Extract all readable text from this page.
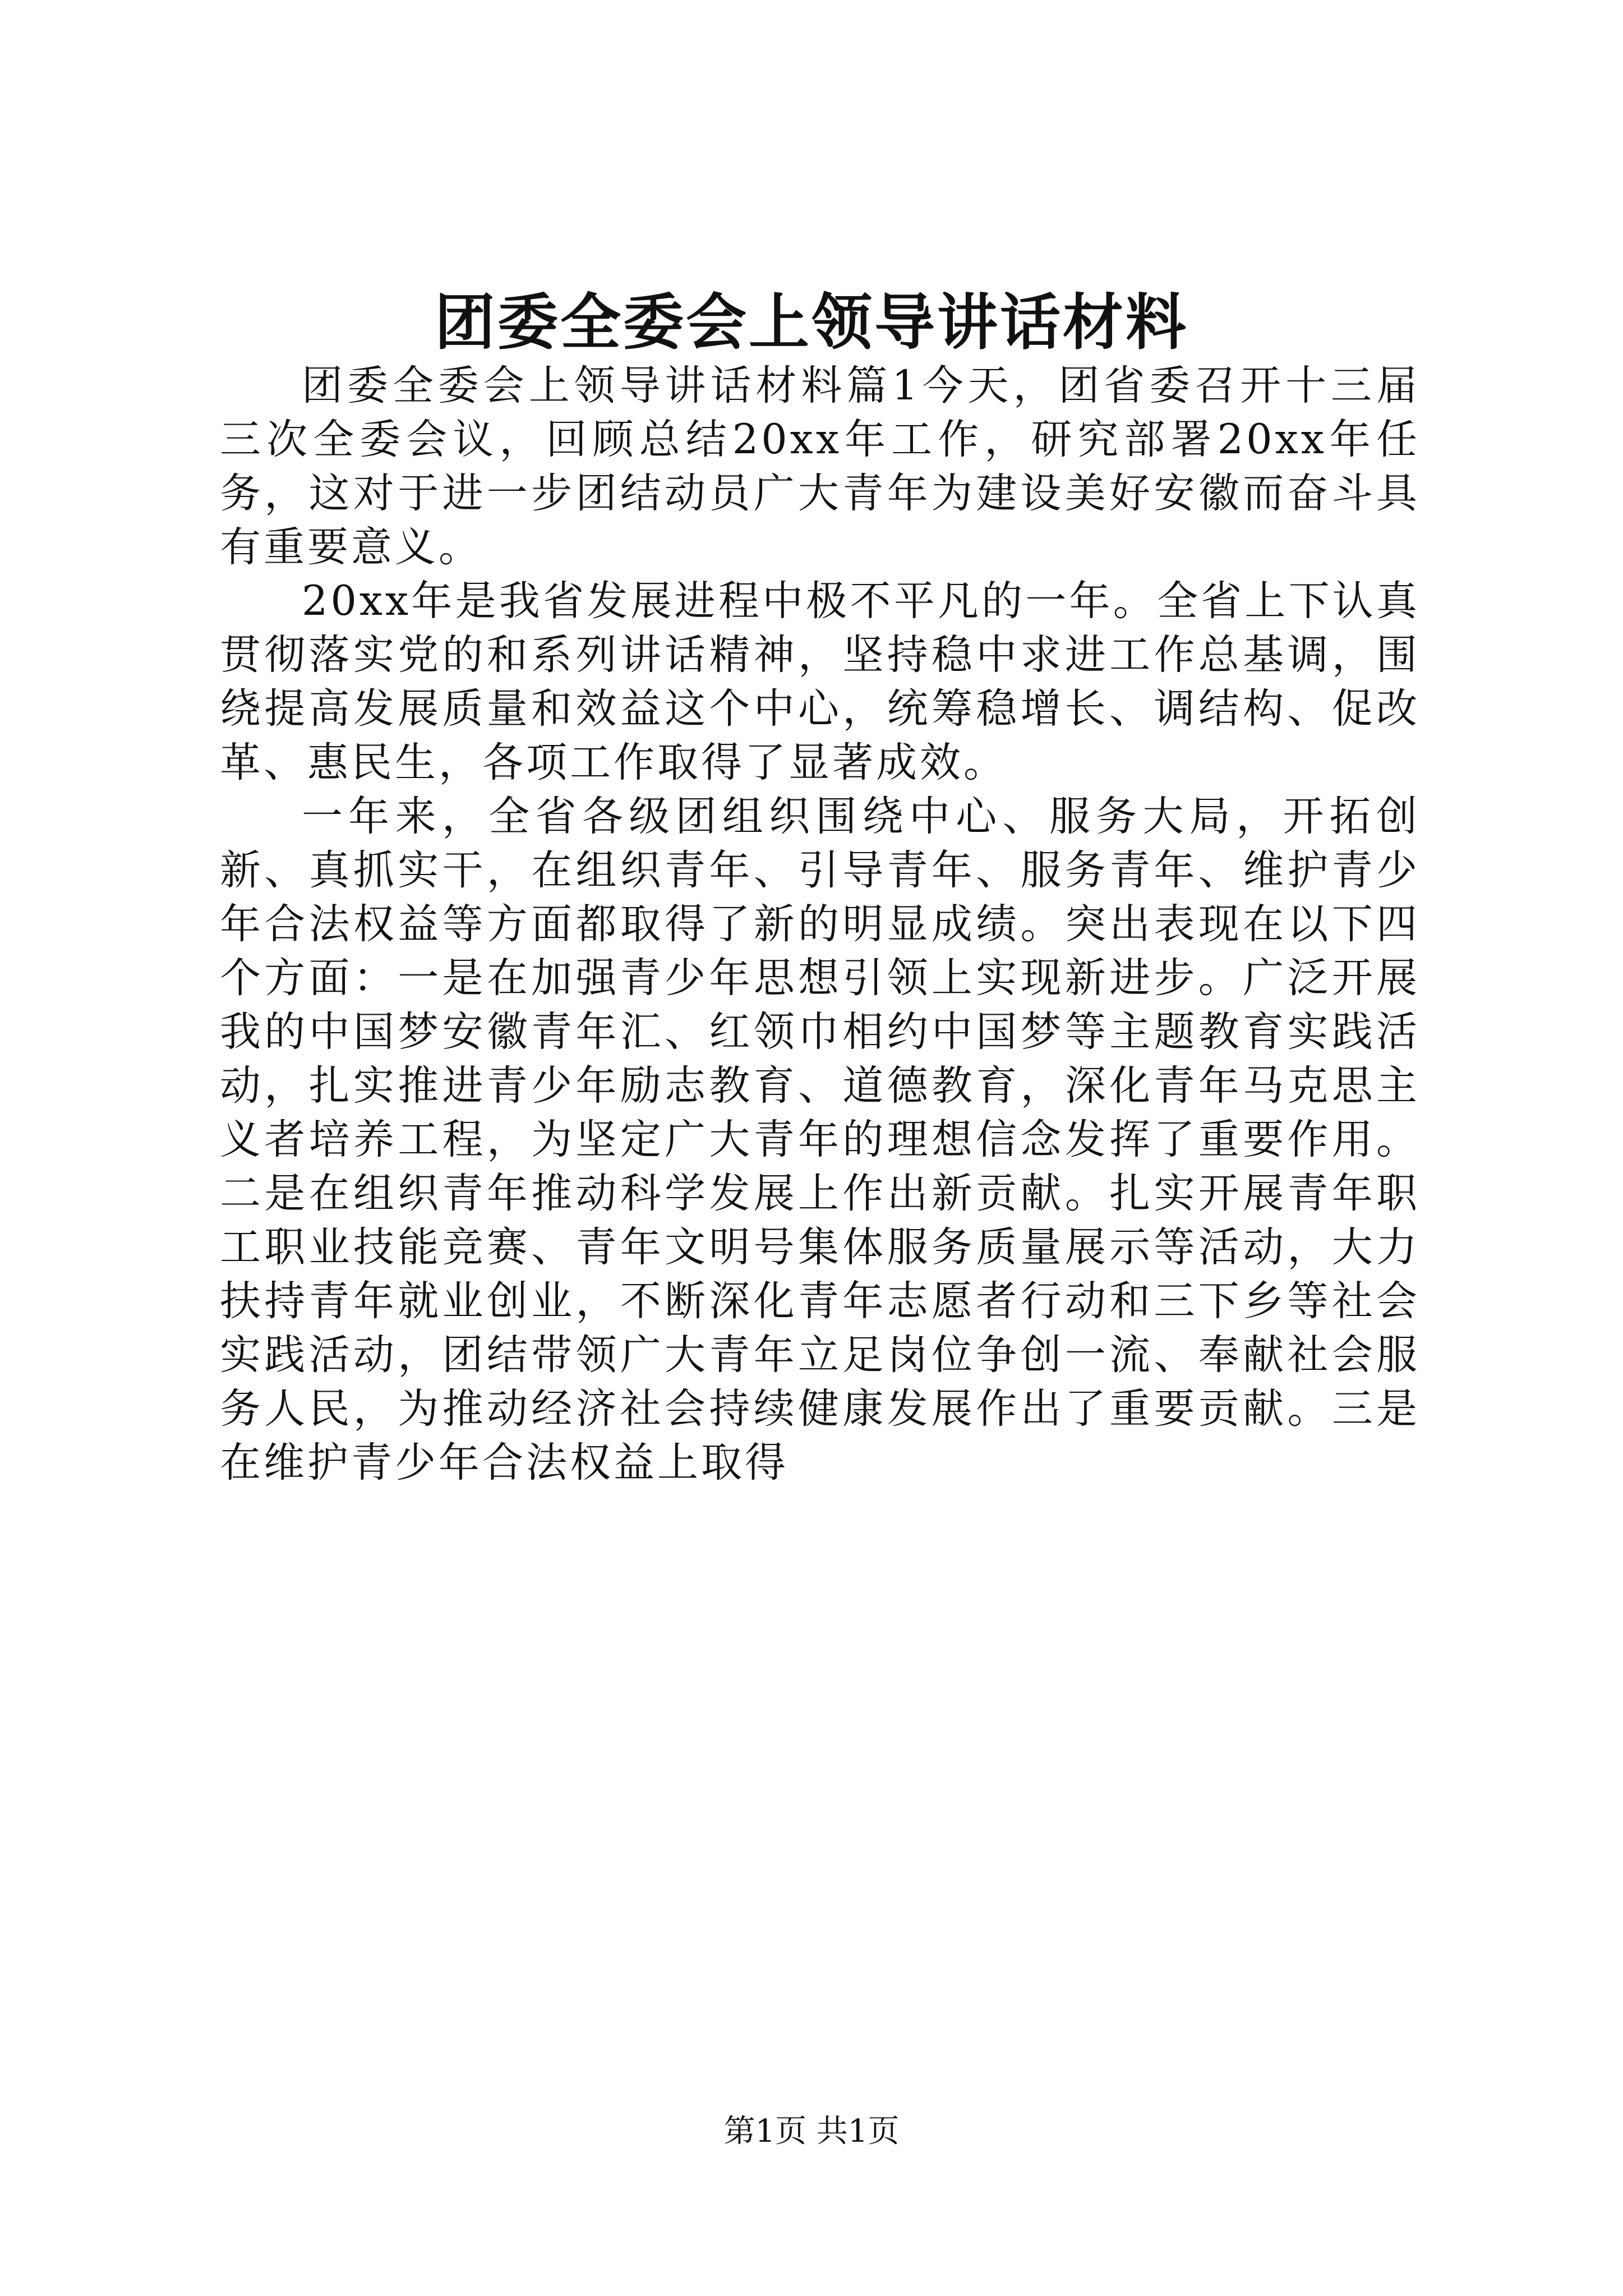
团委全委会上领导讲话材料

团委全委会上领导讲话材料篇1今天，团省委召开十三届三次全委会议，回顾总结20xx年工作，研究部署20xx年任务，这对于进一步团结动员广大青年为建设美好安徽而奋斗具有重要意义。

20xx年是我省发展进程中极不平凡的一年。全省上下认真贯彻落实党的和系列讲话精神，坚持稳中求进工作总基调，围绕提高发展质量和效益这个中心，统筹稳增长、调结构、促改革、惠民生，各项工作取得了显著成效。

一年来，全省各级团组织围绕中心、服务大局，开拓创新、真抓实干，在组织青年、引导青年、服务青年、维护青少年合法权益等方面都取得了新的明显成绩。突出表现在以下四个方面：一是在加强青少年思想引领上实现新进步。广泛开展我的中国梦安徽青年汇、红领巾相约中国梦等主题教育实践活动，扎实推进青少年励志教育、道德教育，深化青年马克思主义者培养工程，为坚定广大青年的理想信念发挥了重要作用。二是在组织青年推动科学发展上作出新贡献。扎实开展青年职工职业技能竞赛、青年文明号集体服务质量展示等活动，大力扶持青年就业创业，不断深化青年志愿者行动和三下乡等社会实践活动，团结带领广大青年立足岗位争创一流、奉献社会服务人民，为推动经济社会持续健康发展作出了重要贡献。三是在维护青少年合法权益上取得

第1页 共1页
